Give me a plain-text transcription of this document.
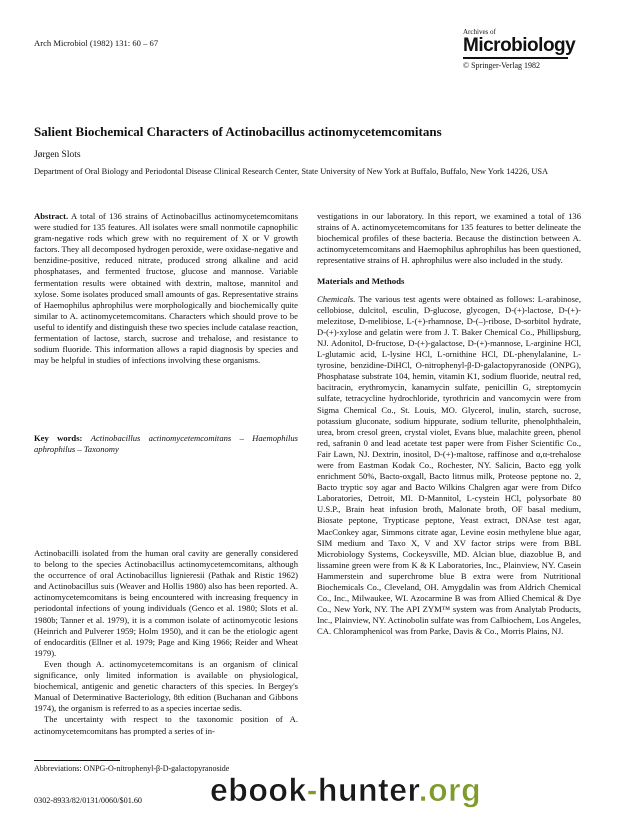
Arch Microbiol (1982) 131: 60 – 67
Archives of
Microbiology
© Springer-Verlag 1982
Salient Biochemical Characters of Actinobacillus actinomycetemcomitans
Jørgen Slots
Department of Oral Biology and Periodontal Disease Clinical Research Center, State University of New York at Buffalo, Buffalo, New York 14226, USA

Abstract. A total of 136 strains of Actinobacillus actinomycetemcomitans were studied for 135 features. All isolates were small nonmotile capnophilic gram-negative rods which grew with no requirement of X or V growth factors. They all decomposed hydrogen peroxide, were oxidase-negative and benzidine-positive, reduced nitrate, produced strong alkaline and acid phosphatases, and fermented fructose, glucose and mannose. Variable fermentation results were obtained with dextrin, maltose, mannitol and xylose. Some isolates produced small amounts of gas. Representative strains of Haemophilus aphrophilus were morphologically and biochemically quite similar to A. actinomycetemcomitans. Characters which should prove to be useful to identify and distinguish these two species include catalase reaction, fermentation of lactose, starch, sucrose and trehalose, and resistance to sodium fluoride. This information allows a rapid diagnosis by species and may be helpful in studies of infections involving these organisms.

Key words: Actinobacillus actinomycetemcomitans – Haemophilus aphrophilus – Taxonomy

Actinobacilli isolated from the human oral cavity are generally considered to belong to the species Actinobacillus actinomycetemcomitans, although the occurrence of oral Actinobacillus lignieresii (Pathak and Ristic 1962) and Actinobacillus suis (Weaver and Hollis 1980) also has been reported. A. actinomycetemcomitans is being encountered with increasing frequency in periodontal infections of young individuals (Genco et al. 1980; Slots et al. 1980b; Tanner et al. 1979), it is a common isolate of actinomycotic lesions (Heinrich and Pulverer 1959; Holm 1950), and it can be the etiologic agent of endocarditis (Ellner et al. 1979; Page and King 1966; Reider and Wheat 1979).

Even though A. actinomycetemcomitans is an organism of clinical significance, only limited information is available on physiological, biochemical, antigenic and genetic characters of this species. In Bergey's Manual of Determinative Bacteriology, 8th edition (Buchanan and Gibbons 1974), the organism is referred to as a species incertae sedis.

The uncertainty with respect to the taxonomic position of A. actinomycetemcomitans has prompted a series of in-

vestigations in our laboratory. In this report, we examined a total of 136 strains of A. actinomycetemcomitans for 135 features to better delineate the biochemical profiles of these bacteria. Because the distinction between A. actinomycetemcomitans and Haemophilus aphrophilus has been questioned, representative strains of H. aphrophilus were also included in the study.

Materials and Methods

Chemicals. The various test agents were obtained as follows: L-arabinose, cellobiose, dulcitol, esculin, D-glucose, glycogen, D-(+)-lactose, D-(+)-melezitose, D-melibiose, L-(+)-rhamnose, D-(–)-ribose, D-sorbitol hydrate, D-(+)-xylose and gelatin were from J. T. Baker Chemical Co., Phillipsburg, NJ. Adonitol, D-fructose, D-(+)-galactose, D-(+)-mannose, L-arginine HCl, L-glutamic acid, L-lysine HCl, L-ornithine HCl, DL-phenylalanine, L-tyrosine, benzidine-DiHCl, O-nitrophenyl-β-D-galactopyranoside (ONPG), Phosphatase substrate 104, hemin, vitamin K1, sodium fluoride, neutral red, bacitracin, erythromycin, kanamycin sulfate, penicillin G, streptomycin sulfate, tetracycline hydrochloride, tyrothricin and vancomycin were from Sigma Chemical Co., St. Louis, MO. Glycerol, inulin, starch, sucrose, potassium gluconate, sodium hippurate, sodium tellurite, phenolphthalein, urea, brom cresol green, crystal violet, Evans blue, malachite green, phenol red, safranin 0 and lead acetate test paper were from Fisher Scientific Co., Fair Lawn, NJ. Dextrin, inositol, D-(+)-maltose, raffinose and α,α-trehalose were from Eastman Kodak Co., Rochester, NY. Salicin, Bacto egg yolk enrichment 50%, Bacto-oxgall, Bacto litmus milk, Proteose peptone no. 2, Bacto tryptic soy agar and Bacto Wilkins Chalgren agar were from Difco Laboratories, Detroit, MI. D-Mannitol, L-cystein HCl, polysorbate 80 U.S.P., Brain heat infusion broth, Malonate broth, OF basal medium, Biosate peptone, Trypticase peptone, Yeast extract, DNAse test agar, MacConkey agar, Simmons citrate agar, Levine eosin methylene blue agar, SIM medium and Taxo X, V and XV factor strips were from BBL Microbiology Systems, Cockeysville, MD. Alcian blue, diazoblue B, and lissamine green were from K & K Laboratories, Inc., Plainview, NY. Casein Hammerstein and superchrome blue B extra were from Nutritional Biochemicals Co., Cleveland, OH. Amygdalin was from Aldrich Chemical Co., Inc., Milwaukee, WI. Azocarmine B was from Allied Chemical & Dye Co., New York, NY. The API ZYM™ system was from Analytab Products, Inc., Plainview, NY. Actinobolin sulfate was from Calbiochem, Los Angeles, CA. Chloramphenicol was from Parke, Davis & Co., Morris Plains, NJ.

Abbreviations: ONPG-O-nitrophenyl-β-D-galactopyranoside
0302-8933/82/0131/0060/$01.60 ebook-hunter.org
